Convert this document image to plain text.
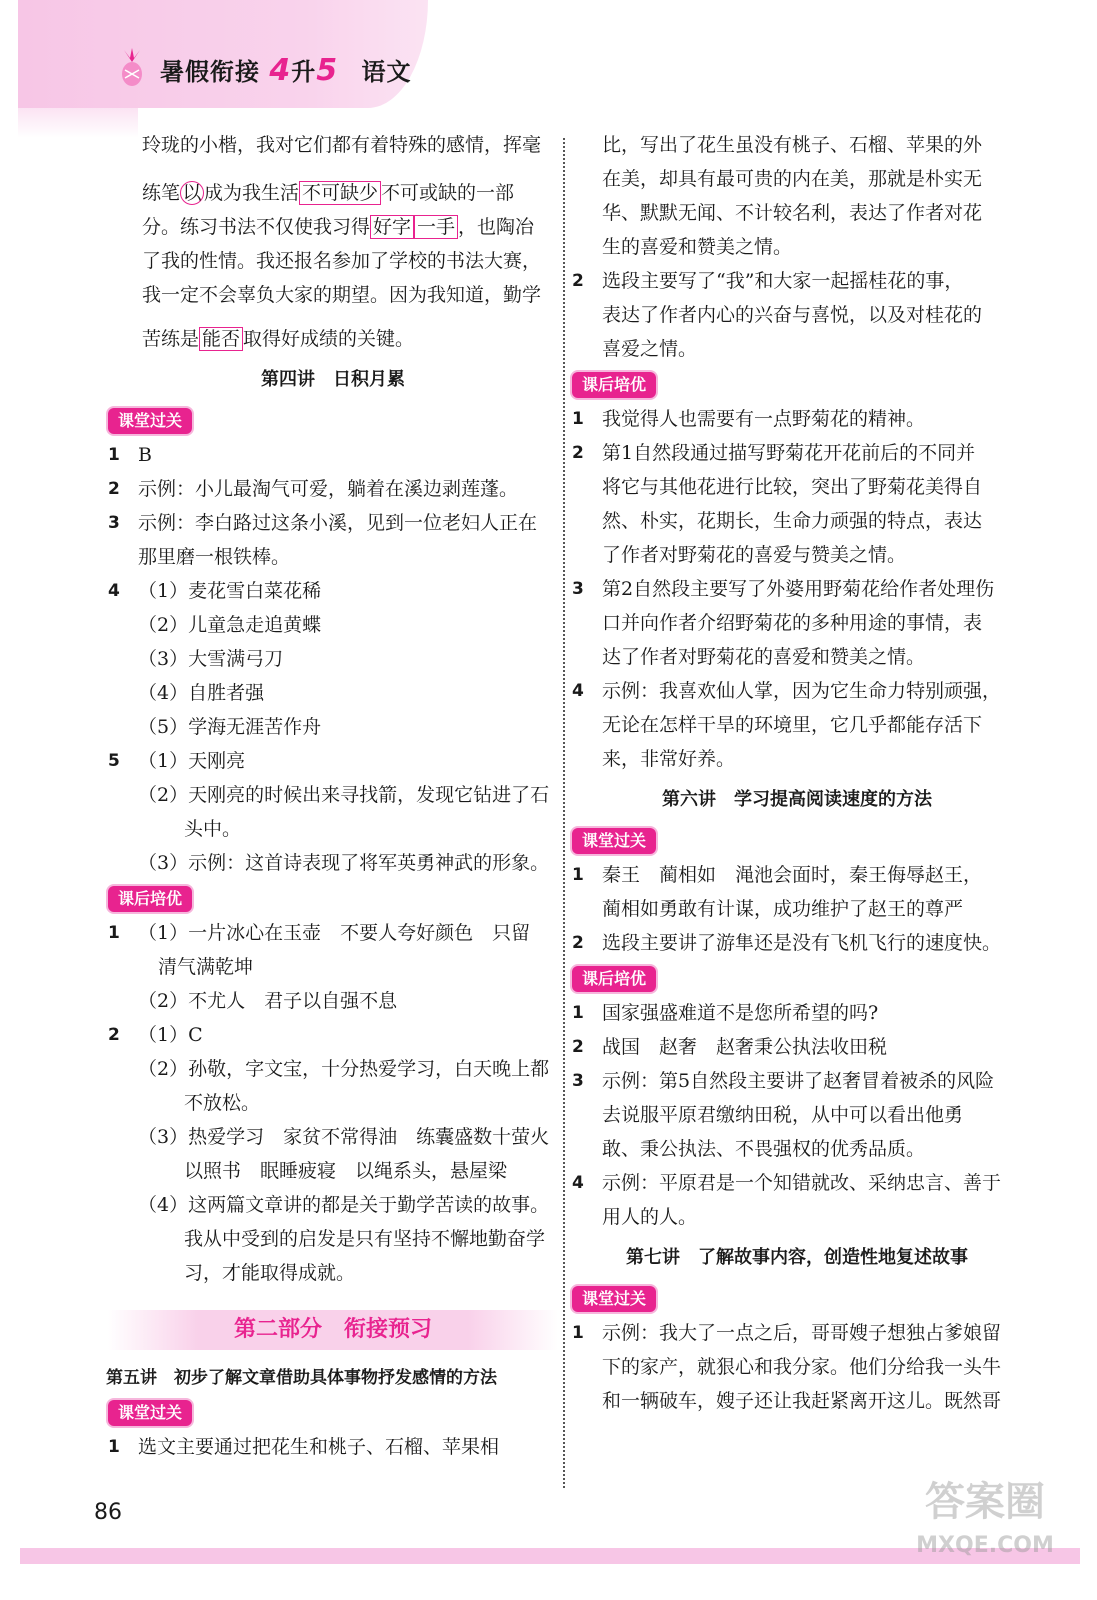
暑假衔接 4升5 语文

玲珑的小楷，我对它们都有着特殊的感情，挥毫

练笔 以 成为我生活 不可缺少 不可或缺的一部

分。练习书法不仅使我习得 好字 一手 ，也陶冶

了我的性情。我还报名参加了学校的书法大赛，

我一定不会辜负大家的期望。因为我知道，勤学

苦练是 能否 取得好成绩的关键。

第四讲　日积月累
课堂过关
1 B
2 示例：小儿最淘气可爱，躺着在溪边剥莲蓬。
3 示例：李白路过这条小溪，见到一位老妇人正在
那里磨一根铁棒。
4 （1）麦花雪白菜花稀
（2）儿童急走追黄蝶
（3）大雪满弓刀
（4）自胜者强
（5）学海无涯苦作舟
5 （1）天刚亮
（2）天刚亮的时候出来寻找箭，发现它钻进了石
头中。
（3）示例：这首诗表现了将军英勇神武的形象。
课后培优
1 （1）一片冰心在玉壶　不要人夸好颜色　只留
清气满乾坤
（2）不尤人　君子以自强不息
2 （1）C
（2）孙敬，字文宝，十分热爱学习，白天晚上都
不放松。
（3）热爱学习　家贫不常得油　练囊盛数十萤火
以照书　眠睡疲寝　以绳系头，悬屋梁
（4）这两篇文章讲的都是关于勤学苦读的故事。
我从中受到的启发是只有坚持不懈地勤奋学
习，才能取得成就。
第二部分　衔接预习
第五讲　初步了解文章借助具体事物抒发感情的方法
课堂过关
1 选文主要通过把花生和桃子、石榴、苹果相
比，写出了花生虽没有桃子、石榴、苹果的外
在美，却具有最可贵的内在美，那就是朴实无
华、默默无闻、不计较名利，表达了作者对花
生的喜爱和赞美之情。
2 选段主要写了“我”和大家一起摇桂花的事，
表达了作者内心的兴奋与喜悦，以及对桂花的
喜爱之情。
课后培优
1 我觉得人也需要有一点野菊花的精神。
2 第1自然段通过描写野菊花开花前后的不同并
将它与其他花进行比较，突出了野菊花美得自
然、朴实，花期长，生命力顽强的特点，表达
了作者对野菊花的喜爱与赞美之情。
3 第2自然段主要写了外婆用野菊花给作者处理伤
口并向作者介绍野菊花的多种用途的事情，表
达了作者对野菊花的喜爱和赞美之情。
4 示例：我喜欢仙人掌，因为它生命力特别顽强，
无论在怎样干旱的环境里，它几乎都能存活下
来，非常好养。
第六讲　学习提高阅读速度的方法
课堂过关
1 秦王　蔺相如　渑池会面时，秦王侮辱赵王，
蔺相如勇敢有计谋，成功维护了赵王的尊严
2 选段主要讲了游隼还是没有飞机飞行的速度快。
课后培优
1 国家强盛难道不是您所希望的吗?
2 战国　赵奢　赵奢秉公执法收田税
3 示例：第5自然段主要讲了赵奢冒着被杀的风险
去说服平原君缴纳田税，从中可以看出他勇
敢、秉公执法、不畏强权的优秀品质。
4 示例：平原君是一个知错就改、采纳忠言、善于
用人的人。
第七讲　了解故事内容，创造性地复述故事
课堂过关
1 示例：我大了一点之后，哥哥嫂子想独占爹娘留
下的家产，就狠心和我分家。他们分给我一头牛
和一辆破车，嫂子还让我赶紧离开这儿。既然哥
86	答案圈
MXQE.COM
